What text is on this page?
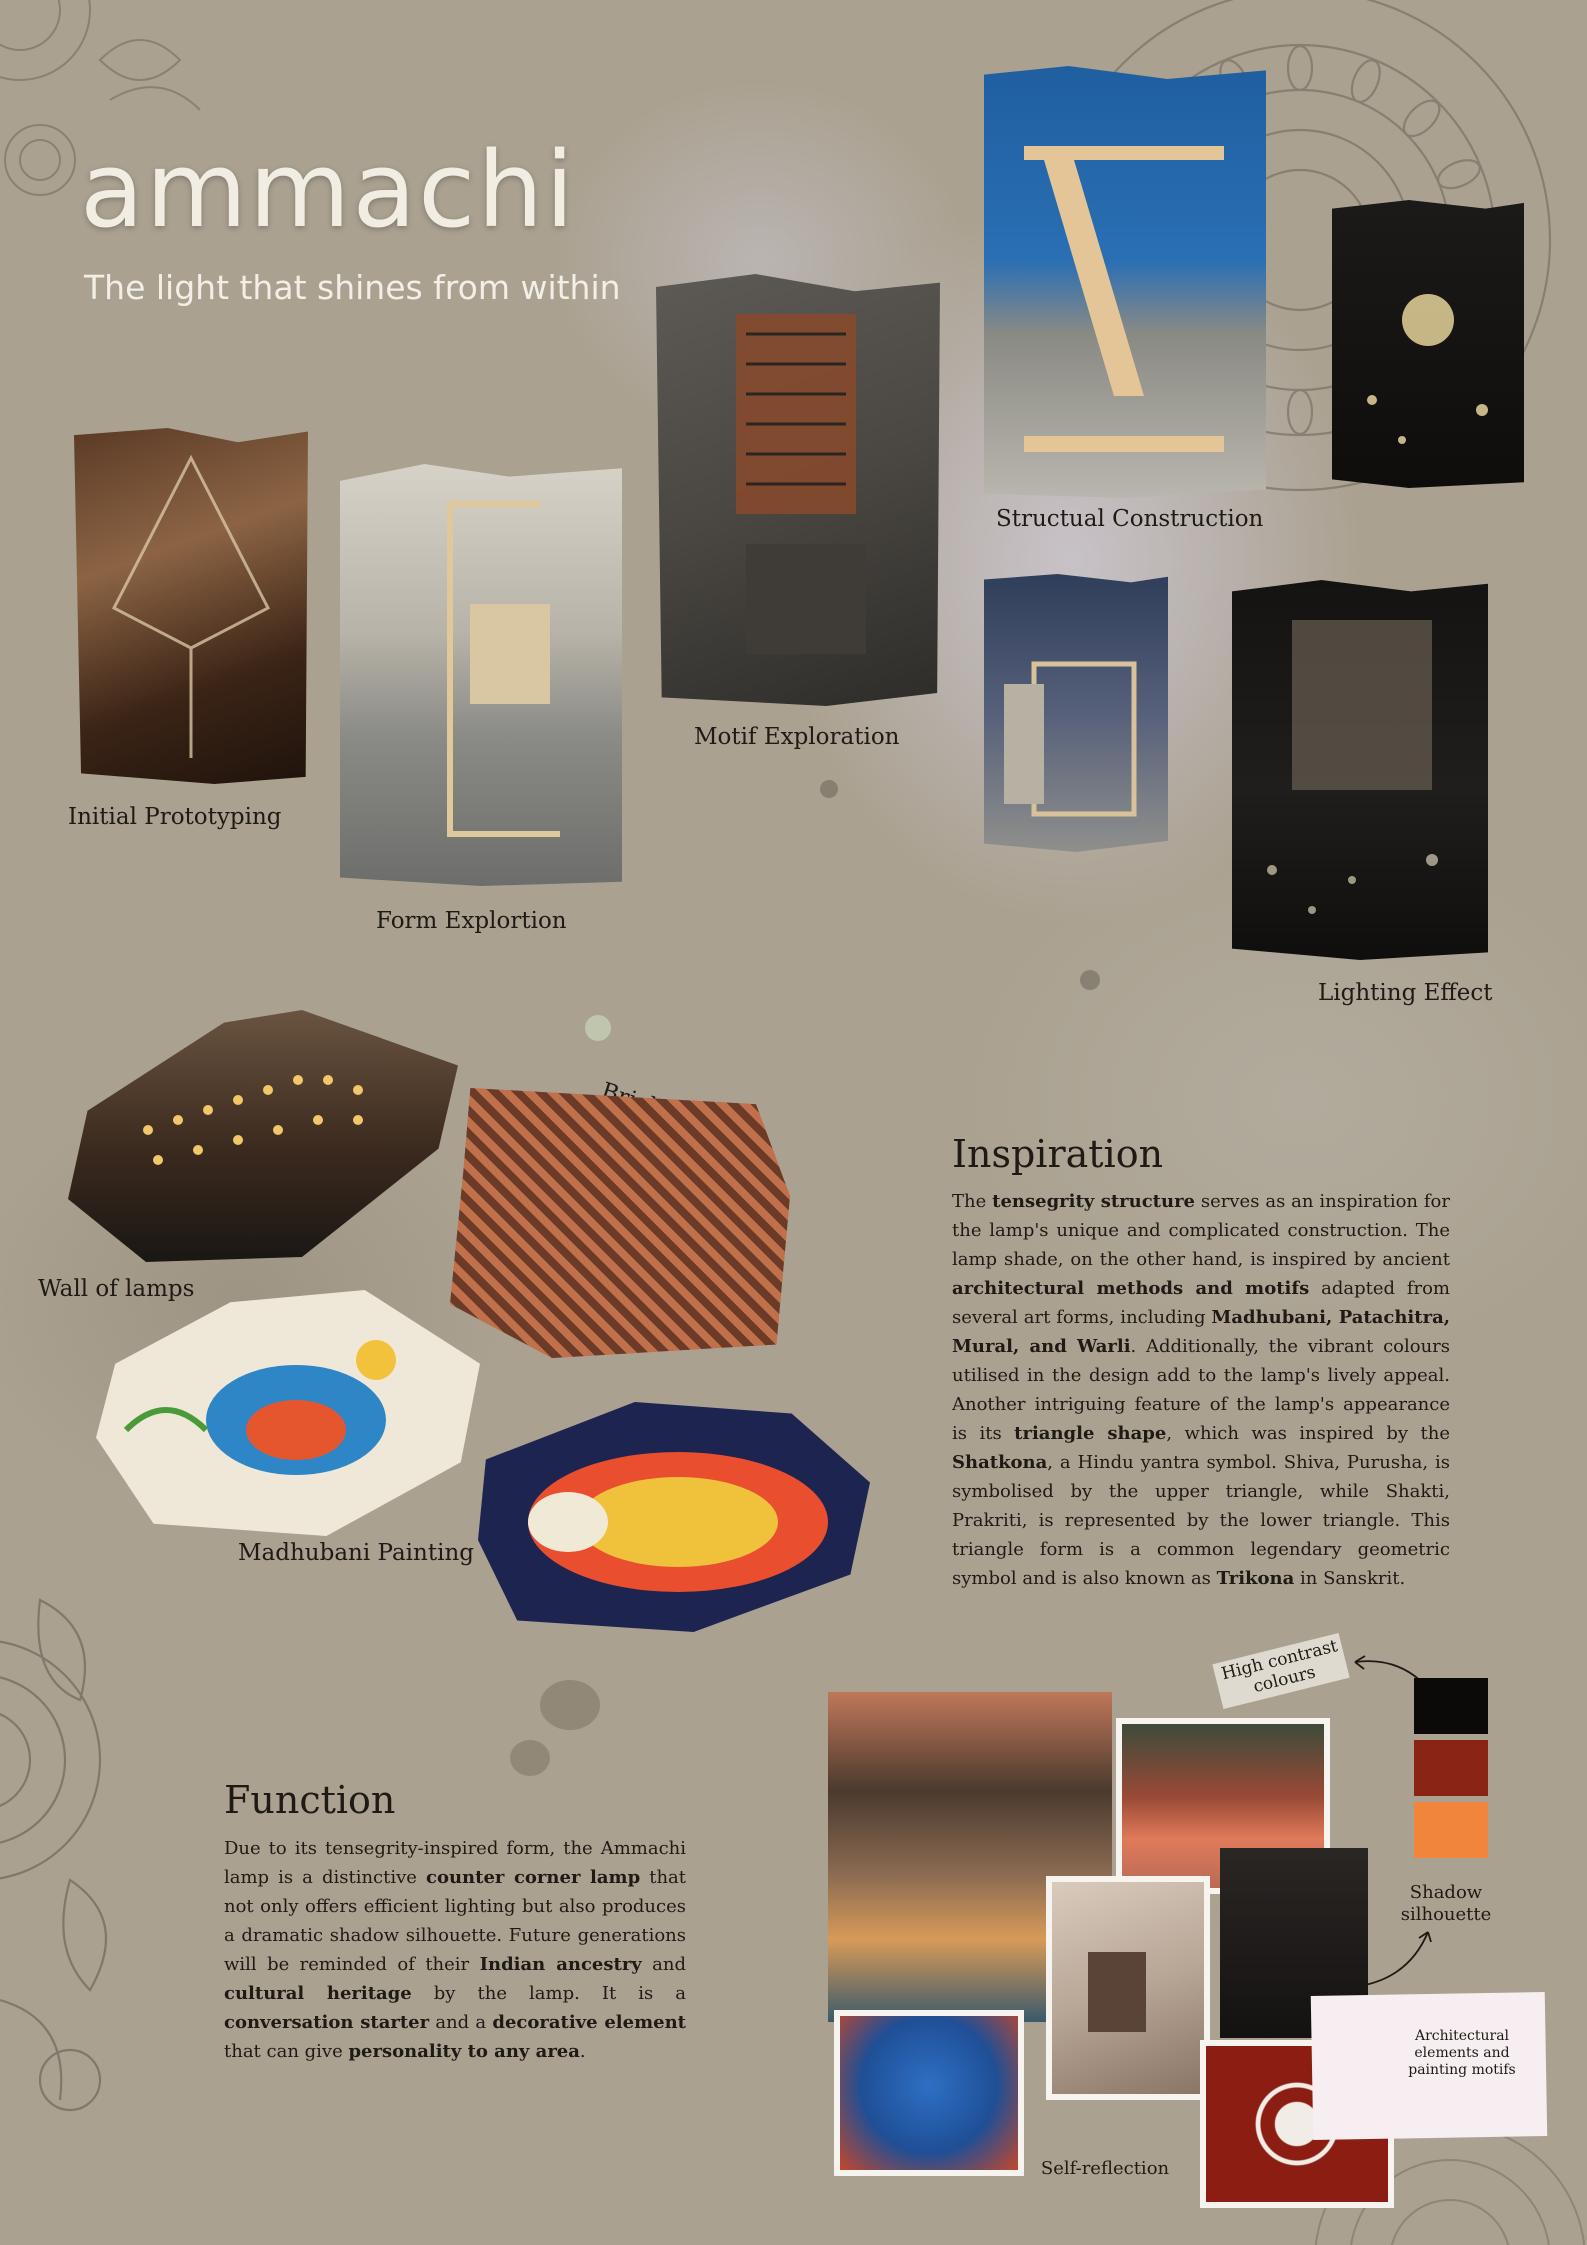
ammachi
The light that shines from within
Initial Prototyping
Form Explortion
Motif Exploration
Structual Construction
Lighting Effect
Wall of lamps
Madhubani Painting
Inspiration
The tensegrity structure serves as an inspiration for the lamp's unique and complicated construction. The lamp shade, on the other hand, is inspired by ancient architectural methods and motifs adapted from several art forms, including Madhubani, Patachitra, Mural, and Warli. Additionally, the vibrant colours utilised in the design add to the lamp's lively appeal. Another intriguing feature of the lamp's appearance is its triangle shape, which was inspired by the Shatkona, a Hindu yantra symbol. Shiva, Purusha, is symbolised by the upper triangle, while Shakti, Prakriti, is represented by the lower triangle. This triangle form is a common legendary geometric symbol and is also known as Trikona in Sanskrit.
Function
Due to its tensegrity-inspired form, the Ammachi lamp is a distinctive counter corner lamp that not only offers efficient lighting but also produces a dramatic shadow silhouette. Future generations will be reminded of their Indian ancestry and cultural heritage by the lamp. It is a conversation starter and a decorative element that can give personality to any area.
Architectural elements and painting motifs
High contrast colours
Shadow silhouette
Self-reflection
